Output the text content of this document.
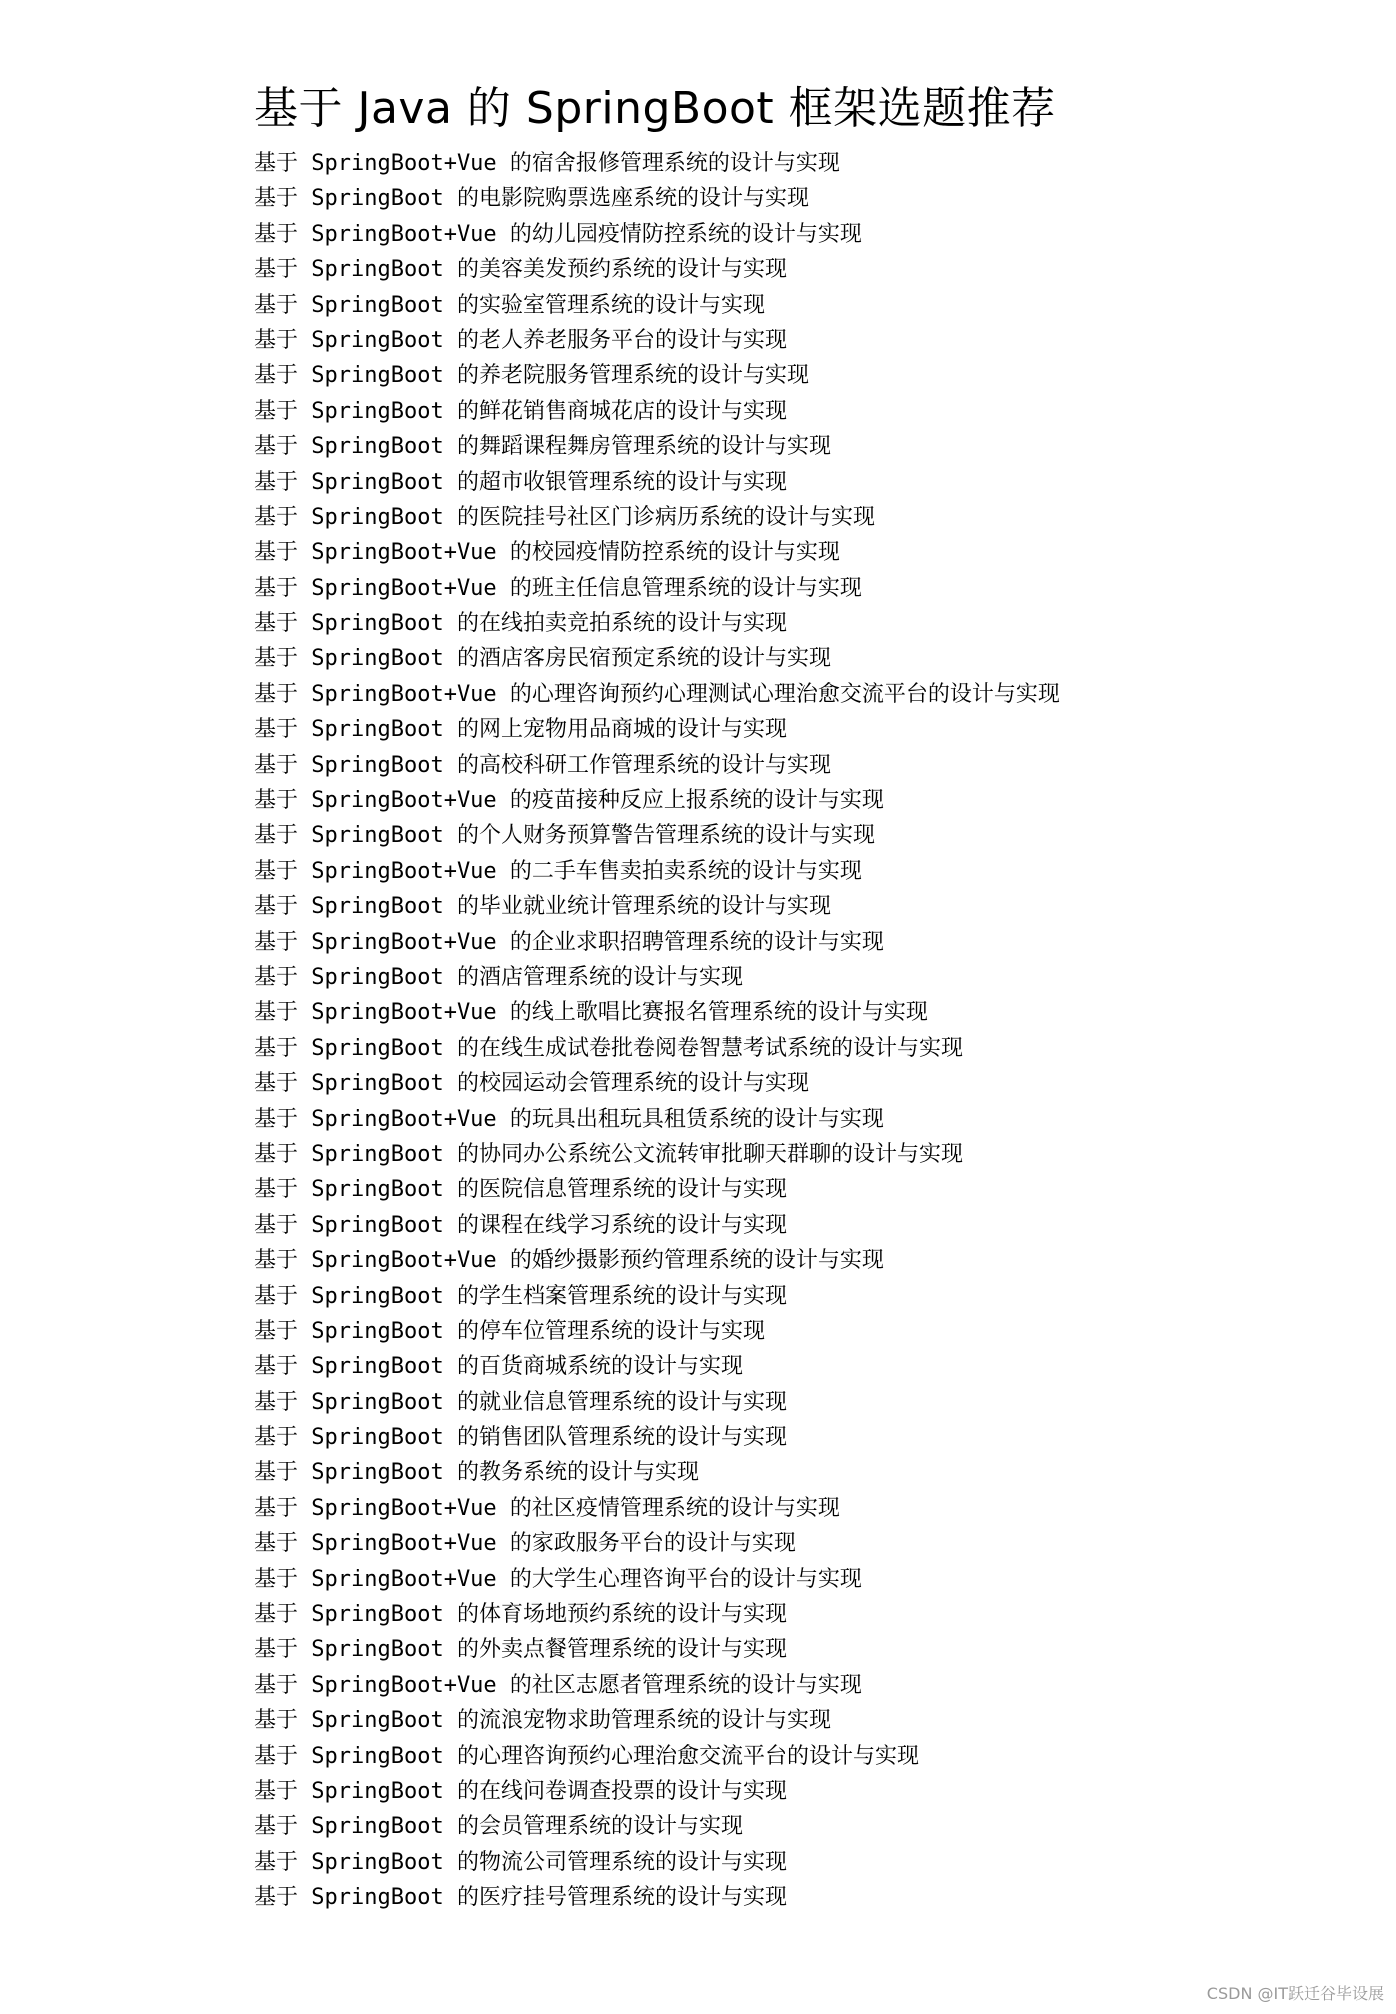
基于 Java 的 SpringBoot 框架选题推荐
基于 SpringBoot+Vue 的宿舍报修管理系统的设计与实现
基于 SpringBoot 的电影院购票选座系统的设计与实现
基于 SpringBoot+Vue 的幼儿园疫情防控系统的设计与实现
基于 SpringBoot 的美容美发预约系统的设计与实现
基于 SpringBoot 的实验室管理系统的设计与实现
基于 SpringBoot 的老人养老服务平台的设计与实现
基于 SpringBoot 的养老院服务管理系统的设计与实现
基于 SpringBoot 的鲜花销售商城花店的设计与实现
基于 SpringBoot 的舞蹈课程舞房管理系统的设计与实现
基于 SpringBoot 的超市收银管理系统的设计与实现
基于 SpringBoot 的医院挂号社区门诊病历系统的设计与实现
基于 SpringBoot+Vue 的校园疫情防控系统的设计与实现
基于 SpringBoot+Vue 的班主任信息管理系统的设计与实现
基于 SpringBoot 的在线拍卖竞拍系统的设计与实现
基于 SpringBoot 的酒店客房民宿预定系统的设计与实现
基于 SpringBoot+Vue 的心理咨询预约心理测试心理治愈交流平台的设计与实现
基于 SpringBoot 的网上宠物用品商城的设计与实现
基于 SpringBoot 的高校科研工作管理系统的设计与实现
基于 SpringBoot+Vue 的疫苗接种反应上报系统的设计与实现
基于 SpringBoot 的个人财务预算警告管理系统的设计与实现
基于 SpringBoot+Vue 的二手车售卖拍卖系统的设计与实现
基于 SpringBoot 的毕业就业统计管理系统的设计与实现
基于 SpringBoot+Vue 的企业求职招聘管理系统的设计与实现
基于 SpringBoot 的酒店管理系统的设计与实现
基于 SpringBoot+Vue 的线上歌唱比赛报名管理系统的设计与实现
基于 SpringBoot 的在线生成试卷批卷阅卷智慧考试系统的设计与实现
基于 SpringBoot 的校园运动会管理系统的设计与实现
基于 SpringBoot+Vue 的玩具出租玩具租赁系统的设计与实现
基于 SpringBoot 的协同办公系统公文流转审批聊天群聊的设计与实现
基于 SpringBoot 的医院信息管理系统的设计与实现
基于 SpringBoot 的课程在线学习系统的设计与实现
基于 SpringBoot+Vue 的婚纱摄影预约管理系统的设计与实现
基于 SpringBoot 的学生档案管理系统的设计与实现
基于 SpringBoot 的停车位管理系统的设计与实现
基于 SpringBoot 的百货商城系统的设计与实现
基于 SpringBoot 的就业信息管理系统的设计与实现
基于 SpringBoot 的销售团队管理系统的设计与实现
基于 SpringBoot 的教务系统的设计与实现
基于 SpringBoot+Vue 的社区疫情管理系统的设计与实现
基于 SpringBoot+Vue 的家政服务平台的设计与实现
基于 SpringBoot+Vue 的大学生心理咨询平台的设计与实现
基于 SpringBoot 的体育场地预约系统的设计与实现
基于 SpringBoot 的外卖点餐管理系统的设计与实现
基于 SpringBoot+Vue 的社区志愿者管理系统的设计与实现
基于 SpringBoot 的流浪宠物求助管理系统的设计与实现
基于 SpringBoot 的心理咨询预约心理治愈交流平台的设计与实现
基于 SpringBoot 的在线问卷调查投票的设计与实现
基于 SpringBoot 的会员管理系统的设计与实现
基于 SpringBoot 的物流公司管理系统的设计与实现
基于 SpringBoot 的医疗挂号管理系统的设计与实现
CSDN @IT跃迁谷毕设展
